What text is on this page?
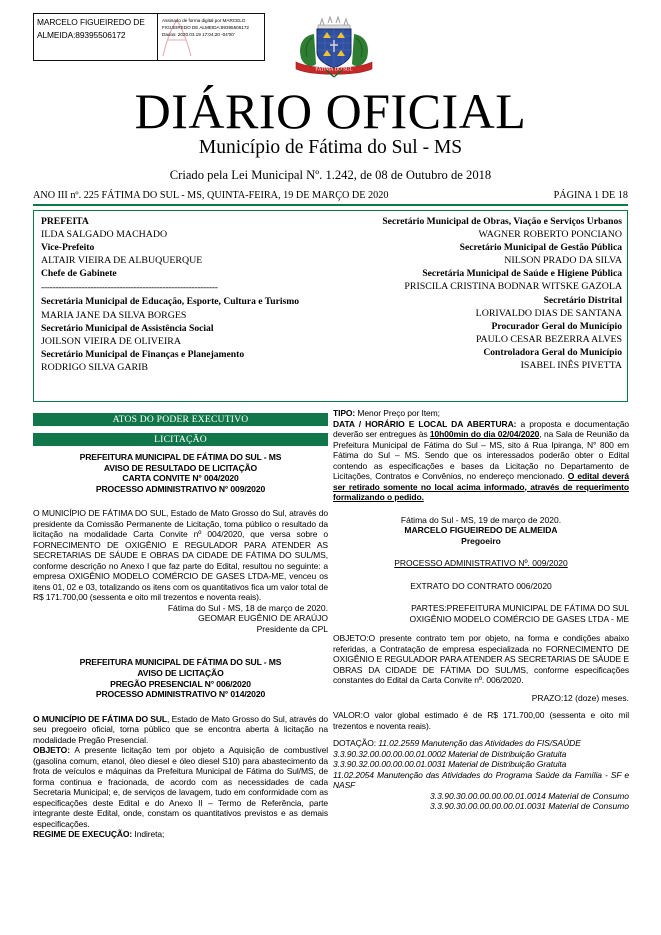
MARCELO FIGUEIREDO DE ALMEIDA:89395506172
Assinado de forma digital por MARCELO FIGUEIREDO DE ALMEIDA:89395506172 Dados: 2020.03.19 17:04:20 -04'00'
FATIMA DO SUL
DIÁRIO OFICIAL
Município de Fátima do Sul - MS
Criado pela Lei Municipal Nº. 1.242, de 08 de Outubro de 2018
ANO III nº. 225 FÁTIMA DO SUL - MS, QUINTA-FEIRA, 19 DE MARÇO DE 2020	PÁGINA 1 DE 18
PREFEITA
ILDA SALGADO MACHADO
Vice-Prefeito
ALTAIR VIEIRA DE ALBUQUERQUE
Chefe de Gabinete
-------------------------------------------------------------
Secretária Municipal de Educação, Esporte, Cultura e Turismo
MARIA JANE DA SILVA BORGES
Secretário Municipal de Assistência Social
JOILSON VIEIRA DE OLIVEIRA
Secretário Municipal de Finanças e Planejamento
RODRIGO SILVA GARIB
Secretário Municipal de Obras, Viação e Serviços Urbanos
WAGNER ROBERTO PONCIANO
Secretário Municipal de Gestão Pública
NILSON PRADO DA SILVA
Secretária Municipal de Saúde e Higiene Pública
PRISCILA CRISTINA BODNAR WITSKE GAZOLA
Secretário Distrital
LORIVALDO DIAS DE SANTANA
Procurador Geral do Município
PAULO CESAR BEZERRA ALVES
Controladora Geral do Município
ISABEL INÊS PIVETTA
ATOS DO PODER EXECUTIVO
LICITAÇÃO
PREFEITURA MUNICIPAL DE FÁTIMA DO SUL - MS
AVISO DE RESULTADO DE LICITAÇÃO
CARTA CONVITE N° 004/2020
PROCESSO ADMINISTRATIVO N° 009/2020

O MUNICÍPIO DE FÁTIMA DO SUL, Estado de Mato Grosso do Sul, através do presidente da Comissão Permanente de Licitação, toma público o resultado da licitação na modalidade Carta Convite nº 004/2020, que versa sobre o FORNECIMENTO DE OXIGÊNIO E REGULADOR PARA ATENDER AS SECRETARIAS DE SÁUDE E OBRAS DA CIDADE DE FÁTIMA DO SUL/MS, conforme descrição no Anexo I que faz parte do Edital, resultou no seguinte: a empresa OXIGÊNIO MODELO COMÉRCIO DE GASES LTDA-ME, venceu os itens 01, 02 e 03, totalizando os itens com os quantitativos fica um valor total de R$ 171.700,00 (sessenta e oito mil trezentos e noventa reais).

Fátima do Sul - MS, 18 de março de 2020.
GEOMAR EUGÊNIO DE ARAÚJO
Presidente da CPL
PREFEITURA MUNICIPAL DE FÁTIMA DO SUL - MS
AVISO DE LICITAÇÃO
PREGÃO PRESENCIAL N° 006/2020
PROCESSO ADMINISTRATIVO N° 014/2020

O MUNICÍPIO DE FÁTIMA DO SUL, Estado de Mato Grosso do Sul, através do seu pregoeiro oficial, torna público que se encontra aberta à licitação na modalidade Pregão Presencial.

OBJETO: A presente licitação tem por objeto a Aquisição de combustível (gasolina comum, etanol, óleo diesel e óleo diesel S10) para abastecimento da frota de veículos e máquinas da Prefeitura Municipal de Fátima do Sul/MS, de forma continua e fracionada, de acordo com as necessidades de cada Secretaria Municipal; e, de serviços de lavagem, tudo em conformidade com as especificações deste Edital e do Anexo II – Termo de Referência, parte integrante deste Edital, onde, constam os quantitativos previstos e as demais especificações.

REGIME DE EXECUÇÃO: Indireta;

TIPO: Menor Preço por Item;

DATA / HORÁRIO E LOCAL DA ABERTURA: a proposta e documentação deverão ser entregues às 10h00min do dia 02/04/2020, na Sala de Reunião da Prefeitura Municipal de Fátima do Sul – MS, sito á Rua Ipiranga, N° 800 em Fátima do Sul – MS. Sendo que os interessados poderão obter o Edital contendo as especificações e bases da Licitação no Departamento de Licitações, Contratos e Convênios, no endereço mencionado. O edital deverá ser retirado somente no local acima informado, através de requerimento formalizando o pedido.

Fátima do Sul - MS, 19 de março de 2020.
MARCELO FIGUEIREDO DE ALMEIDA
Pregoeiro
PROCESSO ADMINISTRATIVO Nº. 009/2020
EXTRATO DO CONTRATO 006/2020
PARTES:PREFEITURA MUNICIPAL DE FÁTIMA DO SUL
OXIGÊNIO MODELO COMÉRCIO DE GASES LTDA - ME

OBJETO:O presente contrato tem por objeto, na forma e condições abaixo referidas, a Contratação de empresa especializada no FORNECIMENTO DE OXIGÊNIO E REGULADOR PARA ATENDER AS SECRETARIAS DE SÁUDE E OBRAS DA CIDADE DE FÁTIMA DO SUL/MS, conforme especificações constantes do Edital da Carta Convite nº. 006/2020.

PRAZO:12 (doze) meses.

VALOR:O valor global estimado é de R$ 171.700,00 (sessenta e oito mil trezentos e noventa reais).

DOTAÇÃO: 11.02.2559 Manutenção das Atividades do FIS/SAÚDE

3.3.90.32.00.00.00.00.01.0002 Material de Distribuição Gratuita

3.3.90.32.00.00.00.00.01.0031 Material de Distribuição Gratuita

11.02.2054 Manutenção das Atividades do Programa Saúde da Família - SF e NASF

3.3.90.30.00.00.00.00.01.0014 Material de Consumo
3.3.90.30.00.00.00.00.01.0031 Material de Consumo
